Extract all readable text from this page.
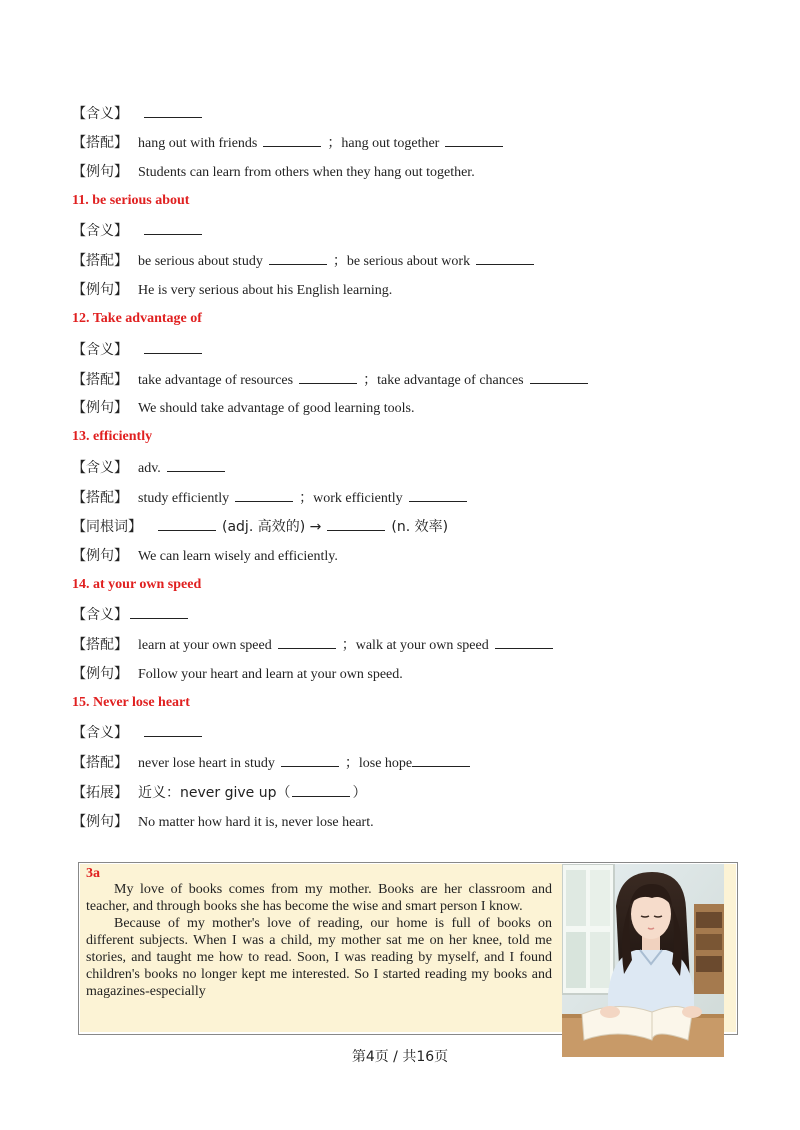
【含义】
【搭配】 hang out with friends	；hang out together
【例句】 Students can learn from others when they hang out together.
11. be serious about
【含义】
【搭配】 be serious about study	；be serious about work
【例句】 He is very serious about his English learning.
12. Take advantage of
【含义】
【搭配】 take advantage of resources	；take advantage of chances
【例句】 We should take advantage of good learning tools.
13. efficiently
【含义】 adv.
【搭配】 study efficiently	；work efficiently
【同根词】	(adj. 高效的) →	(n. 效率)
【例句】 We can learn wisely and efficiently.
14. at your own speed
【含义】
【搭配】 learn at your own speed	；walk at your own speed
【例句】 Follow your heart and learn at your own speed.
15. Never lose heart
【含义】
【搭配】 never lose heart in study	；lose hope
【拓展】 近义：never give up（	）
【例句】 No matter how hard it is, never lose heart.
3a

My love of books comes from my mother. Books are her classroom and teacher, and through books she has become the wise and smart person I know.

Because of my mother's love of reading, our home is full of books on different subjects. When I was a child, my mother sat me on her knee, told me stories, and taught me how to read. Soon, I was reading by myself, and I found children's books no longer kept me interested. So I started reading my books and magazines-especially

第4页 / 共16页
